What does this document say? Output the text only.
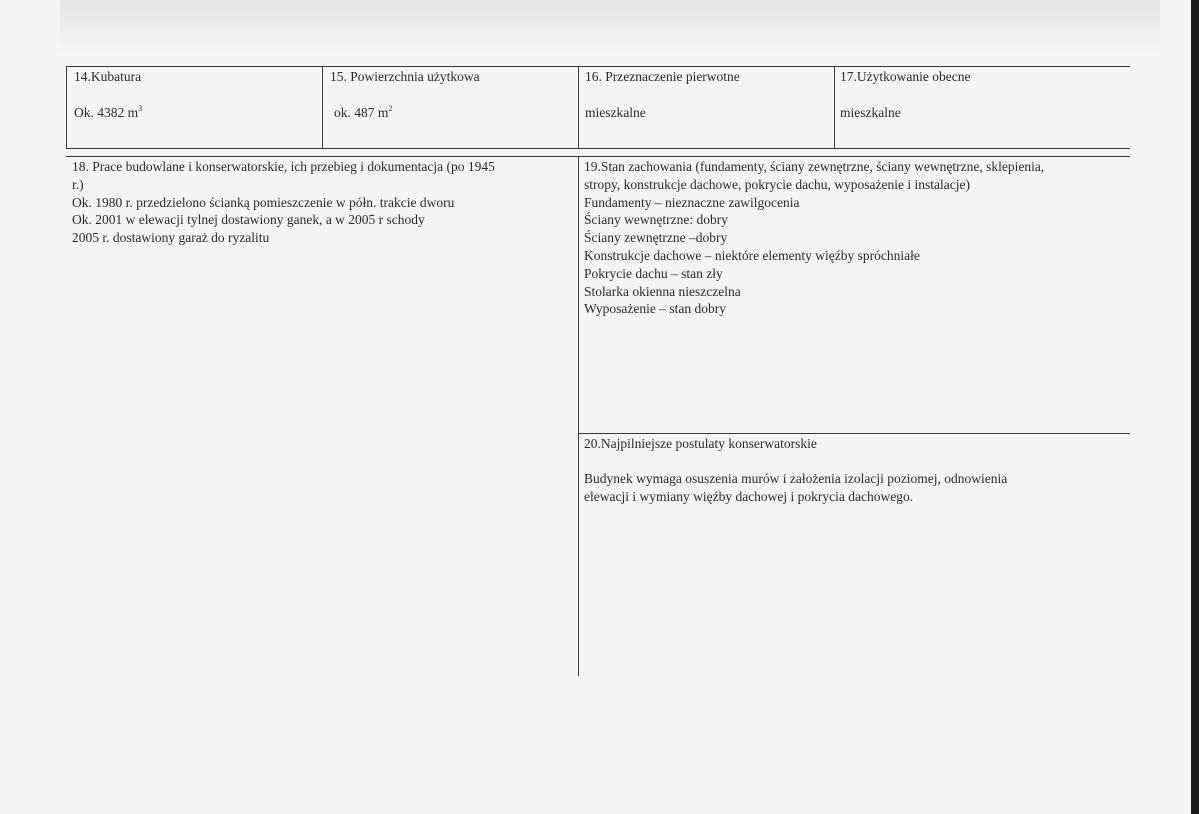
14.Kubatura
Ok. 4382 $m^3$
15. Powierzchnia użytkowa
ok. 487 $m^2$
16. Przeznaczenie pierwotne
mieszkalne
17.Użytkowanie obecne
mieszkalne
18. Prace budowlane i konserwatorskie, ich przebieg i dokumentacja (po 1945
r.)
Ok. 1980 r. przedzielono ścianką pomieszczenie w półn. trakcie dworu
Ok. 2001 w elewacji tylnej dostawiony ganek, a w 2005 r schody
2005 r. dostawiony garaż do ryzalitu
19.Stan zachowania (fundamenty, ściany zewnętrzne, ściany wewnętrzne, sklepienia,
stropy, konstrukcje dachowe, pokrycie dachu, wyposażenie i instalacje)
Fundamenty – nieznaczne zawilgocenia
Ściany wewnętrzne: dobry
Ściany zewnętrzne –dobry
Konstrukcje dachowe – niektóre elementy więźby spróchniałe
Pokrycie dachu – stan zły
Stolarka okienna nieszczelna
Wyposażenie – stan dobry
20.Najpilniejsze postulaty konserwatorskie
Budynek wymaga osuszenia murów i założenia izolacji poziomej, odnowienia
elewacji i wymiany więźby dachowej i pokrycia dachowego.
